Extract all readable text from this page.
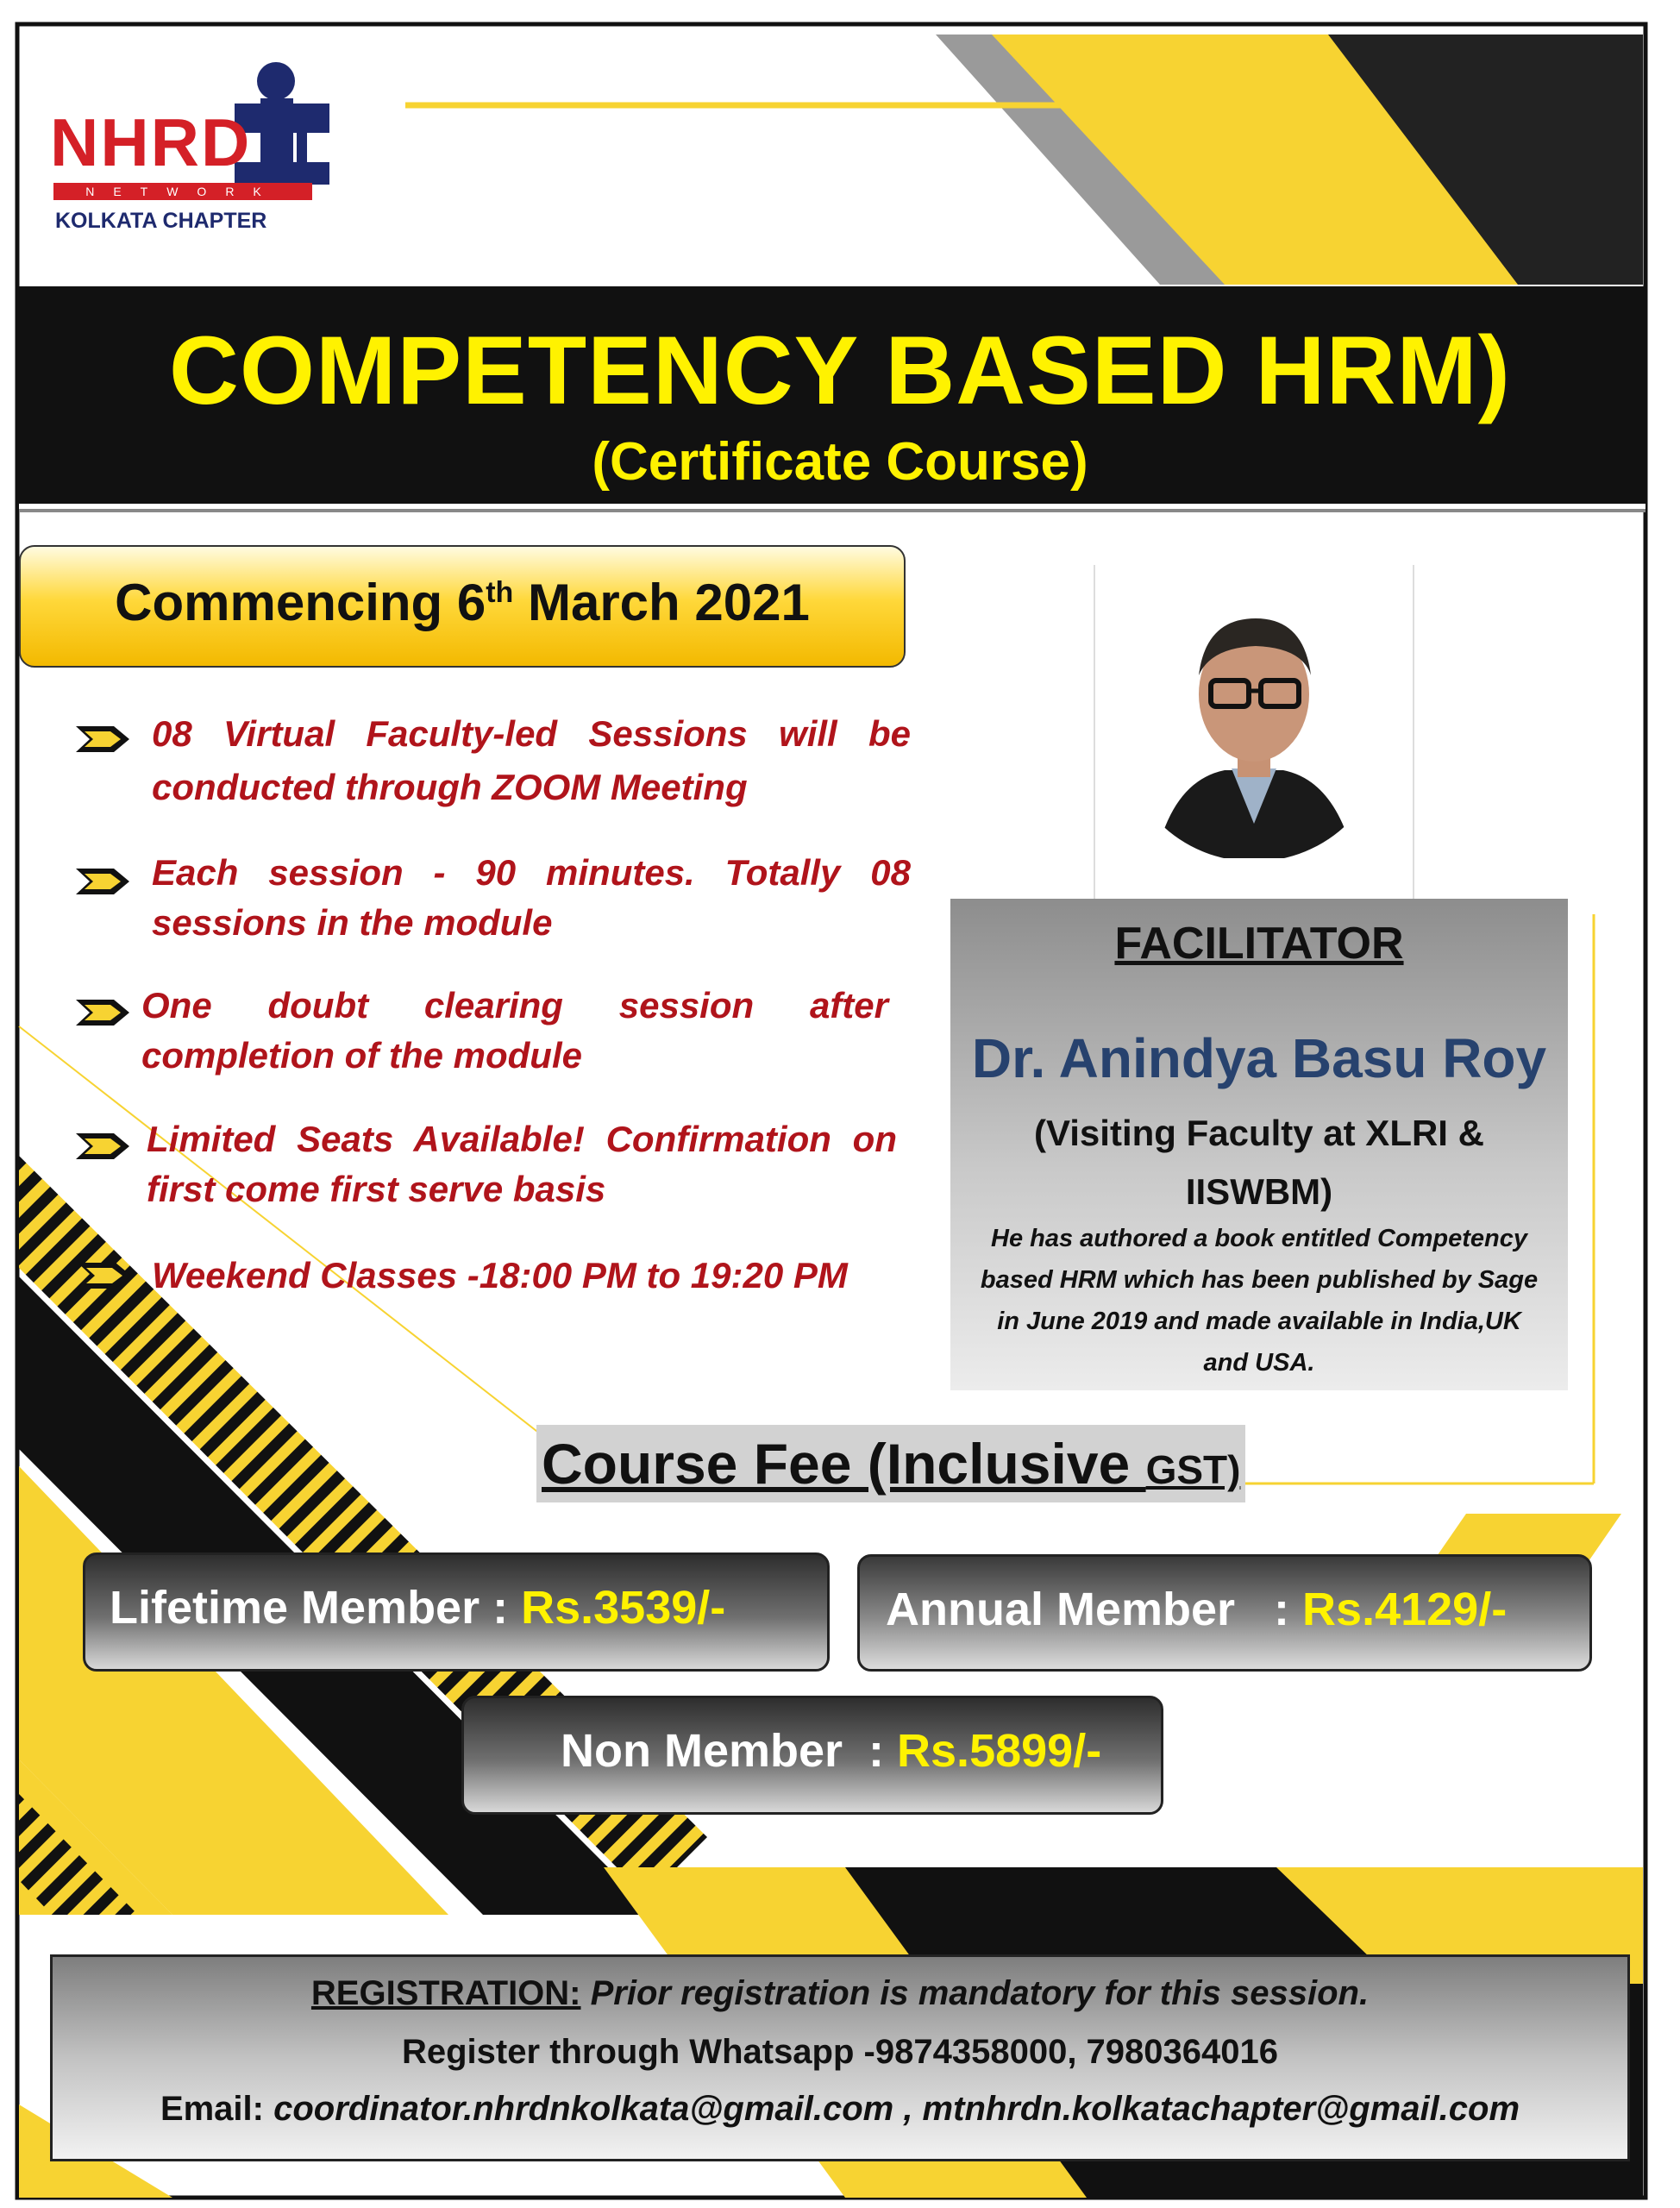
NHRD
NETWORK
KOLKATA CHAPTER
COMPETENCY BASED HRM)
(Certificate Course)
Commencing 6th March 2021
08 Virtual Faculty-led Sessions will be conducted through ZOOM Meeting
Each session - 90 minutes. Totally 08 sessions in the module
One doubt clearing session after completion of the module
Limited Seats Available! Confirmation on first come first serve basis
Weekend Classes -18:00 PM to 19:20 PM
FACILITATOR
Dr. Anindya Basu Roy
(Visiting Faculty at XLRI & IISWBM)
He has authored a book entitled Competency based HRM which has been published by Sage in June 2019 and made available in India,UK and USA.
Course Fee (Inclusive GST)
Lifetime Member : Rs.3539/-	Annual Member   : Rs.4129/-
Non Member  : Rs.5899/-
REGISTRATION: Prior registration is mandatory for this session.
Register through Whatsapp -9874358000, 7980364016
Email: coordinator.nhrdnkolkata@gmail.com , mtnhrdn.kolkatachapter@gmail.com
